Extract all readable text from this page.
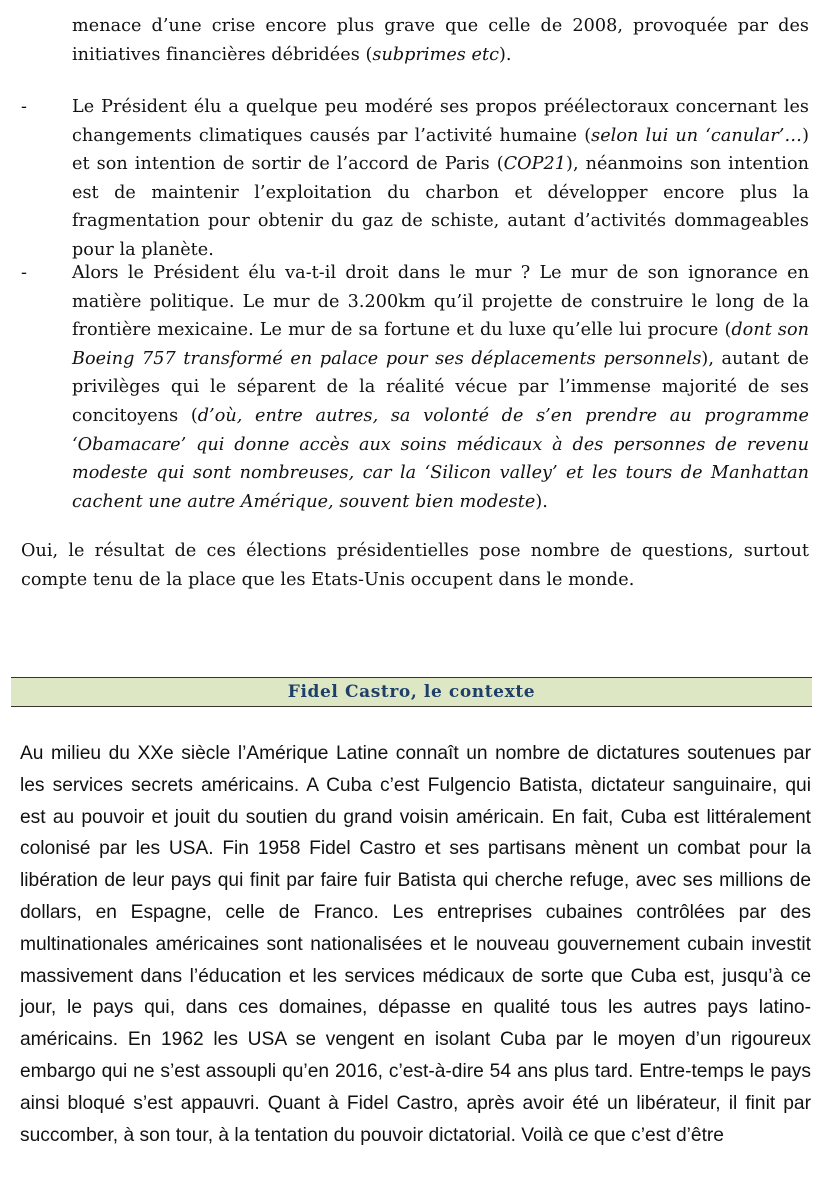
menace d’une crise encore plus grave que celle de 2008, provoquée par des initiatives financières débridées (subprimes etc).

-	Le Président élu a quelque peu modéré ses propos préélectoraux concernant les changements climatiques causés par l’activité humaine (selon lui un ‘canular’…) et son intention de sortir de l’accord de Paris (COP21), néanmoins son intention est de maintenir l’exploitation du charbon et développer encore plus la fragmentation pour obtenir du gaz de schiste, autant d’activités dommageables pour la planète.

-	Alors le Président élu va-t-il droit dans le mur ? Le mur de son ignorance en matière politique. Le mur de 3.200km qu’il projette de construire le long de la frontière mexicaine. Le mur de sa fortune et du luxe qu’elle lui procure (dont son Boeing 757 transformé en palace pour ses déplacements personnels), autant de privilèges qui le séparent de la réalité vécue par l’immense majorité de ses concitoyens (d’où, entre autres, sa volonté de s’en prendre au programme ‘Obamacare’ qui donne accès aux soins médicaux à des personnes de revenu modeste qui sont nombreuses, car la ‘Silicon valley’ et les tours de Manhattan cachent une autre Amérique, souvent bien modeste).

Oui, le résultat de ces élections présidentielles pose nombre de questions, surtout compte tenu de la place que les Etats-Unis occupent dans le monde.

Fidel Castro, le contexte

Au milieu du XXe siècle l’Amérique Latine connaît un nombre de dictatures soutenues par les services secrets américains. A Cuba c’est Fulgencio Batista, dictateur sanguinaire, qui est au pouvoir et jouit du soutien du grand voisin américain. En fait, Cuba est littéralement colonisé par les USA. Fin 1958 Fidel Castro et ses partisans mènent un combat pour la libération de leur pays qui finit par faire fuir Batista qui cherche refuge, avec ses millions de dollars, en Espagne, celle de Franco. Les entreprises cubaines contrôlées par des multinationales américaines sont nationalisées et le nouveau gouvernement cubain investit massivement dans l’éducation et les services médicaux de sorte que Cuba est, jusqu’à ce jour, le pays qui, dans ces domaines, dépasse en qualité tous les autres pays latino-américains. En 1962 les USA se vengent en isolant Cuba par le moyen d’un rigoureux embargo qui ne s’est assoupli qu’en 2016, c’est-à-dire 54 ans plus tard. Entre-temps le pays ainsi bloqué s’est appauvri. Quant à Fidel Castro, après avoir été un libérateur, il finit par succomber, à son tour, à la tentation du pouvoir dictatorial. Voilà ce que c’est d’être
